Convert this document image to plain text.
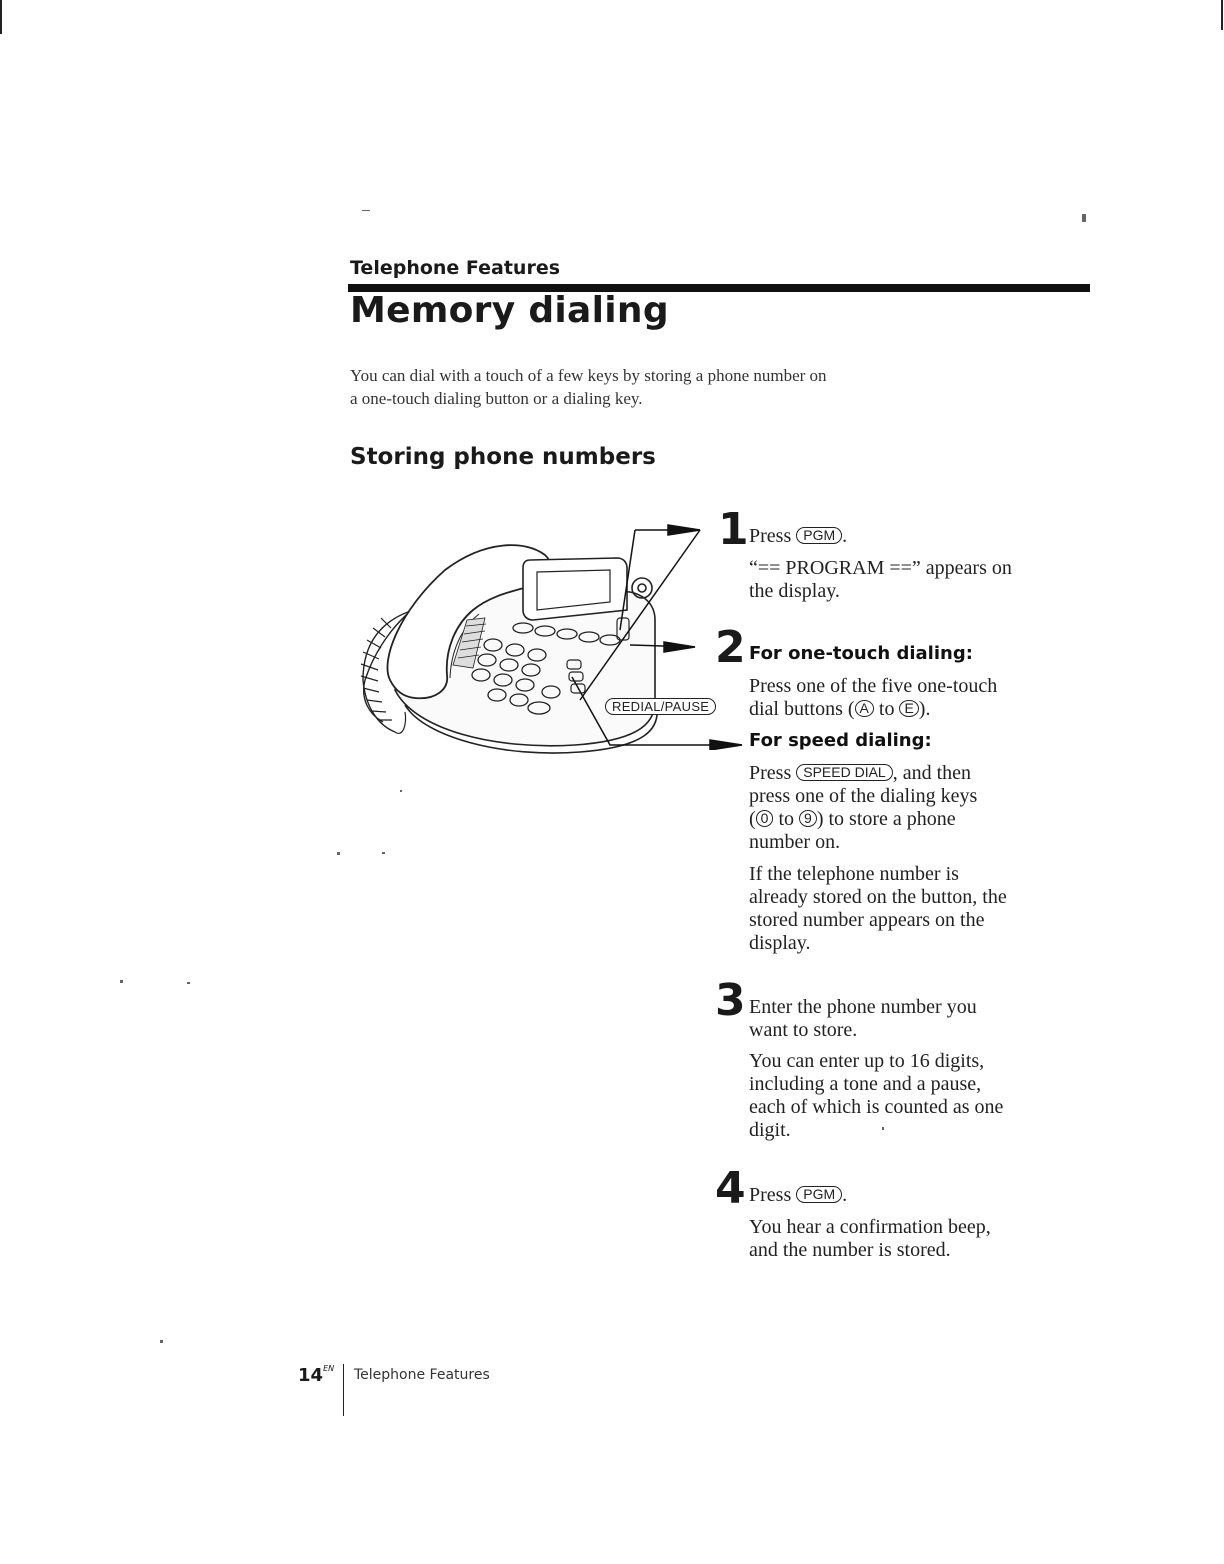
Telephone Features
Memory dialing
You can dial with a touch of a few keys by storing a phone number on
a one-touch dialing button or a dialing key.
Storing phone numbers
REDIAL/PAUSE
1 Press PGM .
“== PROGRAM ==” appears on
the display.
2 For one-touch dialing:
Press one of the five one-touch
dial buttons ( A to E ).
For speed dialing:
Press SPEED DIAL , and then
press one of the dialing keys
( 0 to 9 ) to store a phone
number on.
If the telephone number is
already stored on the button, the
stored number appears on the
display.
3 Enter the phone number you
want to store.
You can enter up to 16 digits,
including a tone and a pause,
each of which is counted as one
digit.
4 Press PGM .
You hear a confirmation beep,
and the number is stored.
$14^{EN}$ Telephone Features
